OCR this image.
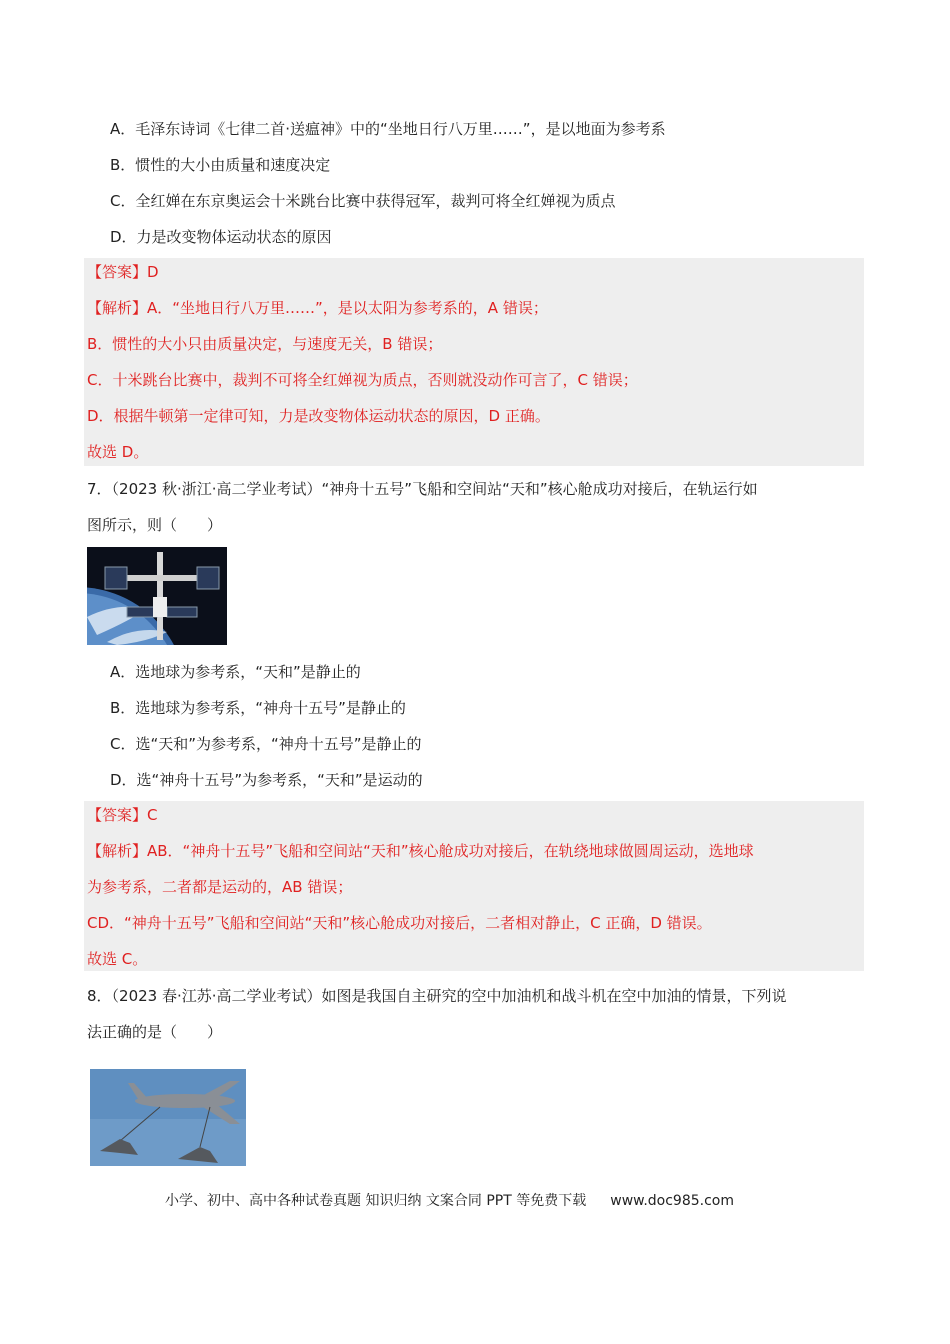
A．毛泽东诗词《七律二首·送瘟神》中的“坐地日行八万里……”，是以地面为参考系
B．惯性的大小由质量和速度决定
C．全红婵在东京奥运会十米跳台比赛中获得冠军，裁判可将全红婵视为质点
D．力是改变物体运动状态的原因
【答案】D
【解析】A．“坐地日行八万里……”，是以太阳为参考系的，A 错误；
B．惯性的大小只由质量决定，与速度无关，B 错误；
C．十米跳台比赛中，裁判不可将全红婵视为质点，否则就没动作可言了，C 错误；
D．根据牛顿第一定律可知，力是改变物体运动状态的原因，D 正确。
故选 D。
7．（2023 秋·浙江·高二学业考试）“神舟十五号”飞船和空间站“天和”核心舱成功对接后，在轨运行如
图所示，则（　　）
A．选地球为参考系，“天和”是静止的
B．选地球为参考系，“神舟十五号”是静止的
C．选“天和”为参考系，“神舟十五号”是静止的
D．选“神舟十五号”为参考系，“天和”是运动的
【答案】C
【解析】AB．“神舟十五号”飞船和空间站“天和”核心舱成功对接后，在轨绕地球做圆周运动，选地球
为参考系，二者都是运动的，AB 错误；
CD．“神舟十五号”飞船和空间站“天和”核心舱成功对接后，二者相对静止，C 正确，D 错误。
故选 C。
8．（2023 春·江苏·高二学业考试）如图是我国自主研究的空中加油机和战斗机在空中加油的情景，下列说
法正确的是（　　）
小学、初中、高中各种试卷真题 知识归纳 文案合同 PPT 等免费下载 www.doc985.com
